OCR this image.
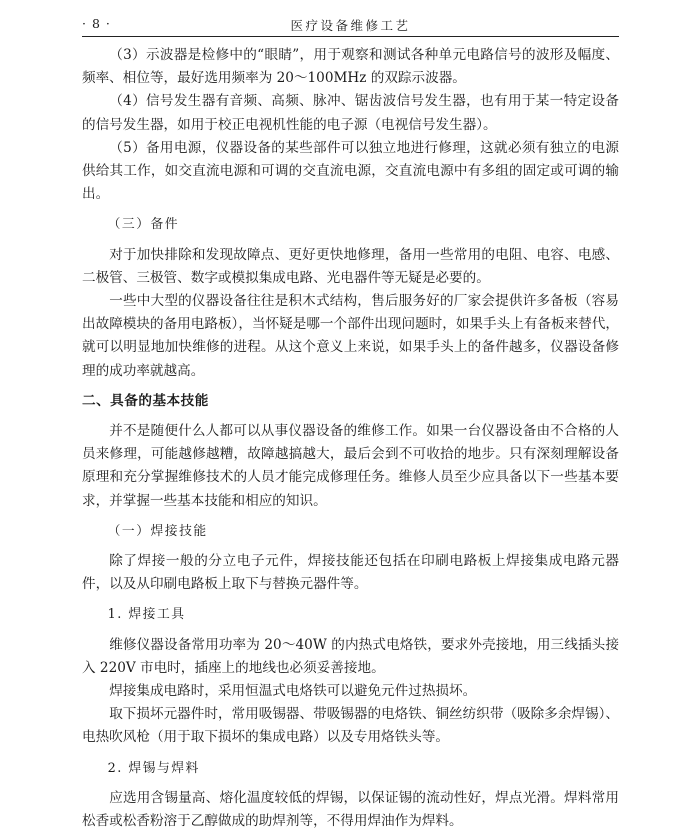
· 8 ·	医疗设备维修工艺

（3）示波器是检修中的“眼睛”，用于观察和测试各种单元电路信号的波形及幅度、频率、相位等，最好选用频率为 20～100MHz 的双踪示波器。

（4）信号发生器有音频、高频、脉冲、锯齿波信号发生器，也有用于某一特定设备的信号发生器，如用于校正电视机性能的电子源（电视信号发生器）。

（5）备用电源，仪器设备的某些部件可以独立地进行修理，这就必须有独立的电源供给其工作，如交直流电源和可调的交直流电源，交直流电源中有多组的固定或可调的输出。

（三）备件

对于加快排除和发现故障点、更好更快地修理，备用一些常用的电阻、电容、电感、二极管、三极管、数字或模拟集成电路、光电器件等无疑是必要的。

一些中大型的仪器设备往往是积木式结构，售后服务好的厂家会提供许多备板（容易出故障模块的备用电路板），当怀疑是哪一个部件出现问题时，如果手头上有备板来替代，就可以明显地加快维修的进程。从这个意义上来说，如果手头上的备件越多，仪器设备修理的成功率就越高。

二、具备的基本技能

并不是随便什么人都可以从事仪器设备的维修工作。如果一台仪器设备由不合格的人员来修理，可能越修越糟，故障越搞越大，最后会到不可收拾的地步。只有深刻理解设备原理和充分掌握维修技术的人员才能完成修理任务。维修人员至少应具备以下一些基本要求，并掌握一些基本技能和相应的知识。

（一）焊接技能

除了焊接一般的分立电子元件，焊接技能还包括在印刷电路板上焊接集成电路元器件，以及从印刷电路板上取下与替换元器件等。

1. 焊接工具

维修仪器设备常用功率为 20～40W 的内热式电烙铁，要求外壳接地，用三线插头接入 220V 市电时，插座上的地线也必须妥善接地。

焊接集成电路时，采用恒温式电烙铁可以避免元件过热损坏。

取下损坏元器件时，常用吸锡器、带吸锡器的电烙铁、铜丝纺织带（吸除多余焊锡）、电热吹风枪（用于取下损坏的集成电路）以及专用烙铁头等。

2. 焊锡与焊料

应选用含锡量高、熔化温度较低的焊锡，以保证锡的流动性好，焊点光滑。焊料常用松香或松香粉溶于乙醇做成的助焊剂等，不得用焊油作为焊料。
